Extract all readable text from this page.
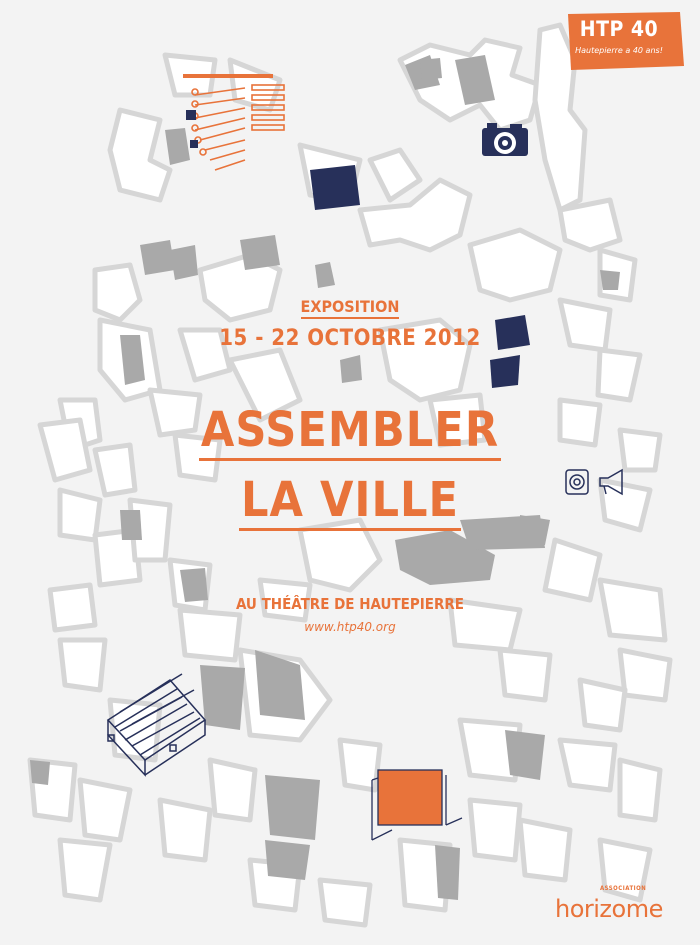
HTP 40
Hautepierre a 40 ans!
EXPOSITION
15 - 22 OCTOBRE 2012
ASSEMBLER
LA VILLE
AU THÉÂTRE DE HAUTEPIERRE
www.htp40.org
ASSOCIATION
horizome
